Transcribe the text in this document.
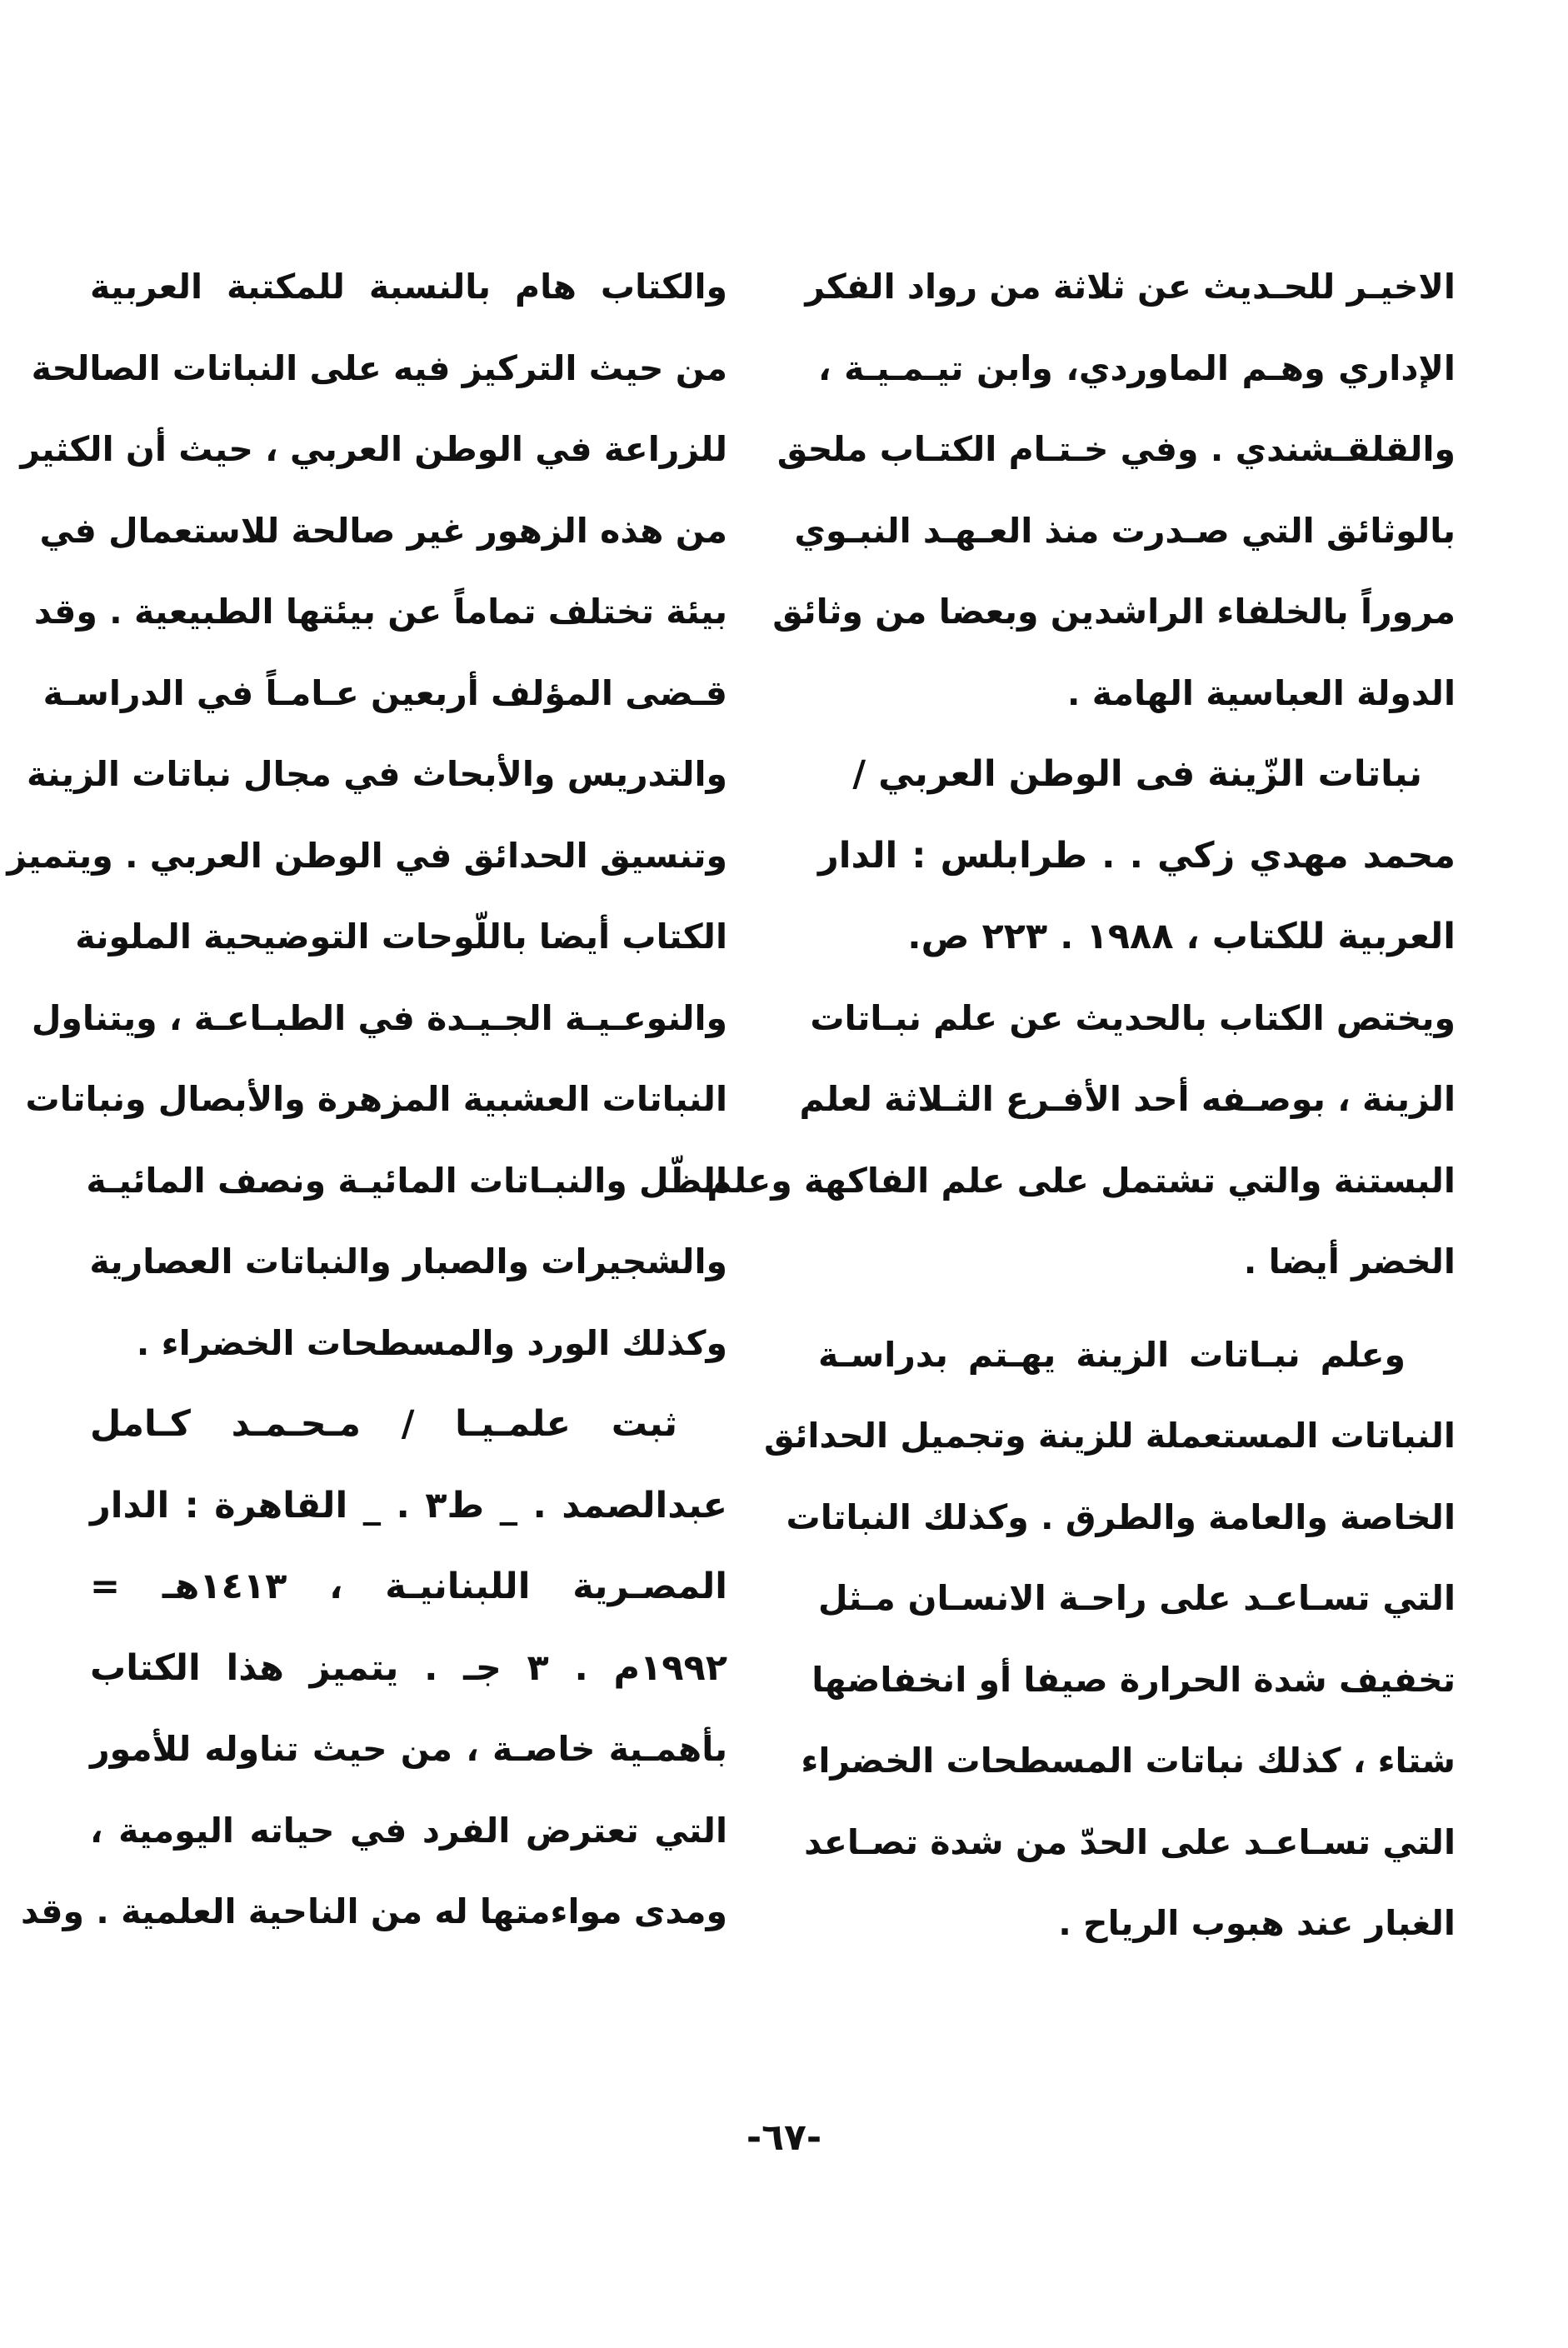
الاخيـر للحـديث عن ثلاثة من رواد الفكر
الإداري وهـم الماوردي، وابن تيـمـيـة ،
والقلقـشندي . وفي خـتـام الكتـاب ملحق
بالوثائق التي صـدرت منذ العـهـد النبـوي
مروراً بالخلفاء الراشدين وبعضا من وثائق
الدولة العباسية الهامة .
نباتات الزّينة فى الوطن العربي /
محمد مهدي زكي . . طرابلس : الدار
العربية للكتاب ، ١٩٨٨ . ٢٢٣ ص.
ويختص الكتاب بالحديث عن علم نبـاتات
الزينة ، بوصـفه أحد الأفـرع الثـلاثة لعلم
البستنة والتي تشتمل على علم الفاكهة وعلم
الخضر أيضا .
وعلم نبـاتات الزينة يهـتم بدراسـة
النباتات المستعملة للزينة وتجميل الحدائق
الخاصة والعامة والطرق . وكذلك النباتات
التي تسـاعـد على راحـة الانسـان مـثل
تخفيف شدة الحرارة صيفا أو انخفاضها
شتاء ، كذلك نباتات المسطحات الخضراء
التي تسـاعـد على الحدّ من شدة تصـاعد
الغبار عند هبوب الرياح .
والكتاب هام بالنسبة للمكتبة العربية
من حيث التركيز فيه على النباتات الصالحة
للزراعة في الوطن العربي ، حيث أن الكثير
من هذه الزهور غير صالحة للاستعمال في
بيئة تختلف تماماً عن بيئتها الطبيعية . وقد
قـضى المؤلف أربعين عـامـاً في الدراسـة
والتدريس والأبحاث في مجال نباتات الزينة
وتنسيق الحدائق في الوطن العربي . ويتميز
الكتاب أيضا باللّوحات التوضيحية الملونة
والنوعـيـة الجـيـدة في الطبـاعـة ، ويتناول
النباتات العشبية المزهرة والأبصال ونباتات
الظّل والنبـاتات المائيـة ونصف المائيـة
والشجيرات والصبار والنباتات العصارية
وكذلك الورد والمسطحات الخضراء .
ثبت علمـيـا / مـحـمـد كـامل
عبدالصمد . _ ط٣ . _ القاهرة : الدار
المصـرية اللبنانيـة ، ١٤١٣هـ =
١٩٩٢م . ٣ جـ . يتميز هذا الكتاب
بأهمـية خاصـة ، من حيث تناوله للأمور
التي تعترض الفرد في حياته اليومية ،
ومدى مواءمتها له من الناحية العلمية . وقد
-٦٧-
